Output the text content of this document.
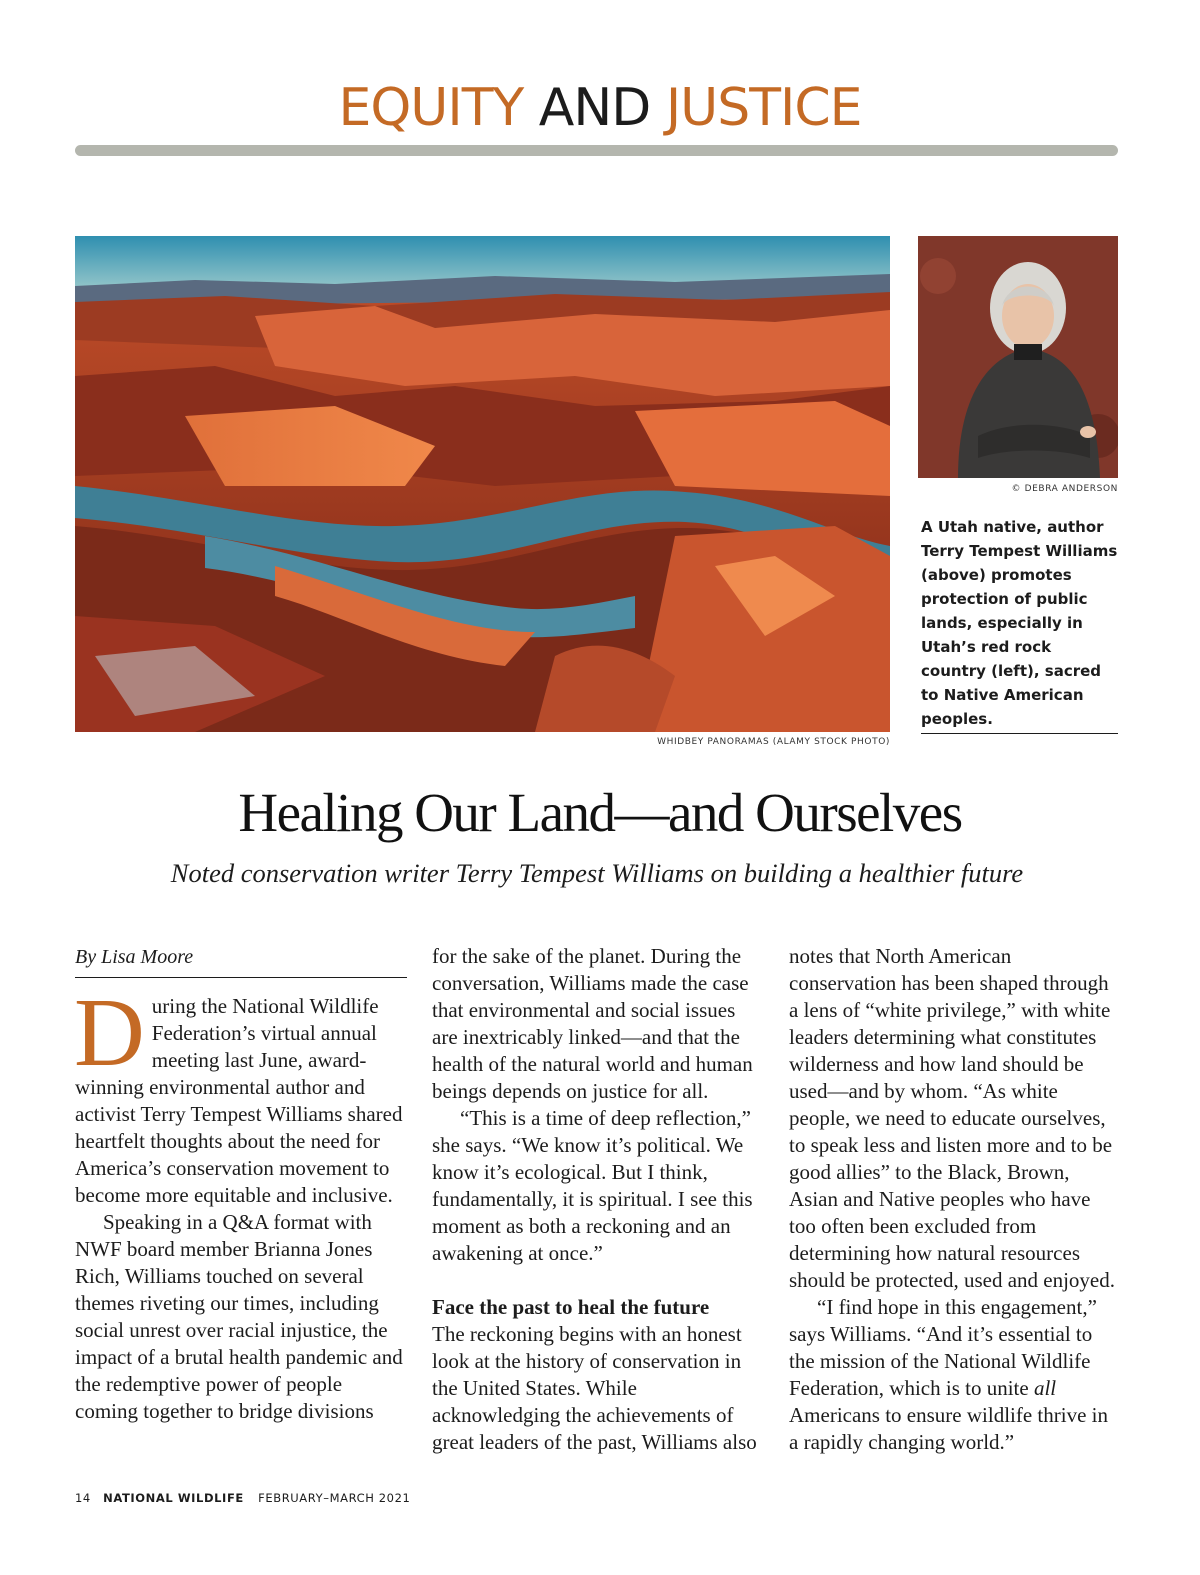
EQUITY AND JUSTICE
WHIDBEY PANORAMAS (ALAMY STOCK PHOTO)
© DEBRA ANDERSON
A Utah native, author Terry Tempest Williams (above) promotes protection of public lands, especially in Utah’s red rock country (left), sacred to Native American peoples.
Healing Our Land—and Ourselves
Noted conservation writer Terry Tempest Williams on building a healthier future
By Lisa Moore

During the National Wildlife Federation’s virtual annual meeting last June, award-winning environmental author and activist Terry Tempest Williams shared heartfelt thoughts about the need for America’s conservation movement to become more equitable and inclusive.

Speaking in a Q&A format with NWF board member Brianna Jones Rich, Williams touched on several themes riveting our times, including social unrest over racial injustice, the impact of a brutal health pandemic and the redemptive power of people coming together to bridge divisions

for the sake of the planet. During the conversation, Williams made the case that environmental and social issues are inextricably linked—and that the health of the natural world and human beings depends on justice for all.

“This is a time of deep reflection,” she says. “We know it’s political. We know it’s ecological. But I think, fundamentally, it is spiritual. I see this moment as both a reckoning and an awakening at once.”

Face the past to heal the future

The reckoning begins with an honest look at the history of conservation in the United States. While acknowledging the achievements of great leaders of the past, Williams also

notes that North American conservation has been shaped through a lens of “white privilege,” with white leaders determining what constitutes wilderness and how land should be used—and by whom. “As white people, we need to educate ourselves, to speak less and listen more and to be good allies” to the Black, Brown, Asian and Native peoples who have too often been excluded from determining how natural resources should be protected, used and enjoyed.

“I find hope in this engagement,” says Williams. “And it’s essential to the mission of the National Wildlife Federation, which is to unite all Americans to ensure wildlife thrive in a rapidly changing world.”

14 NATIONAL WILDLIFE FEBRUARY–MARCH 2021
